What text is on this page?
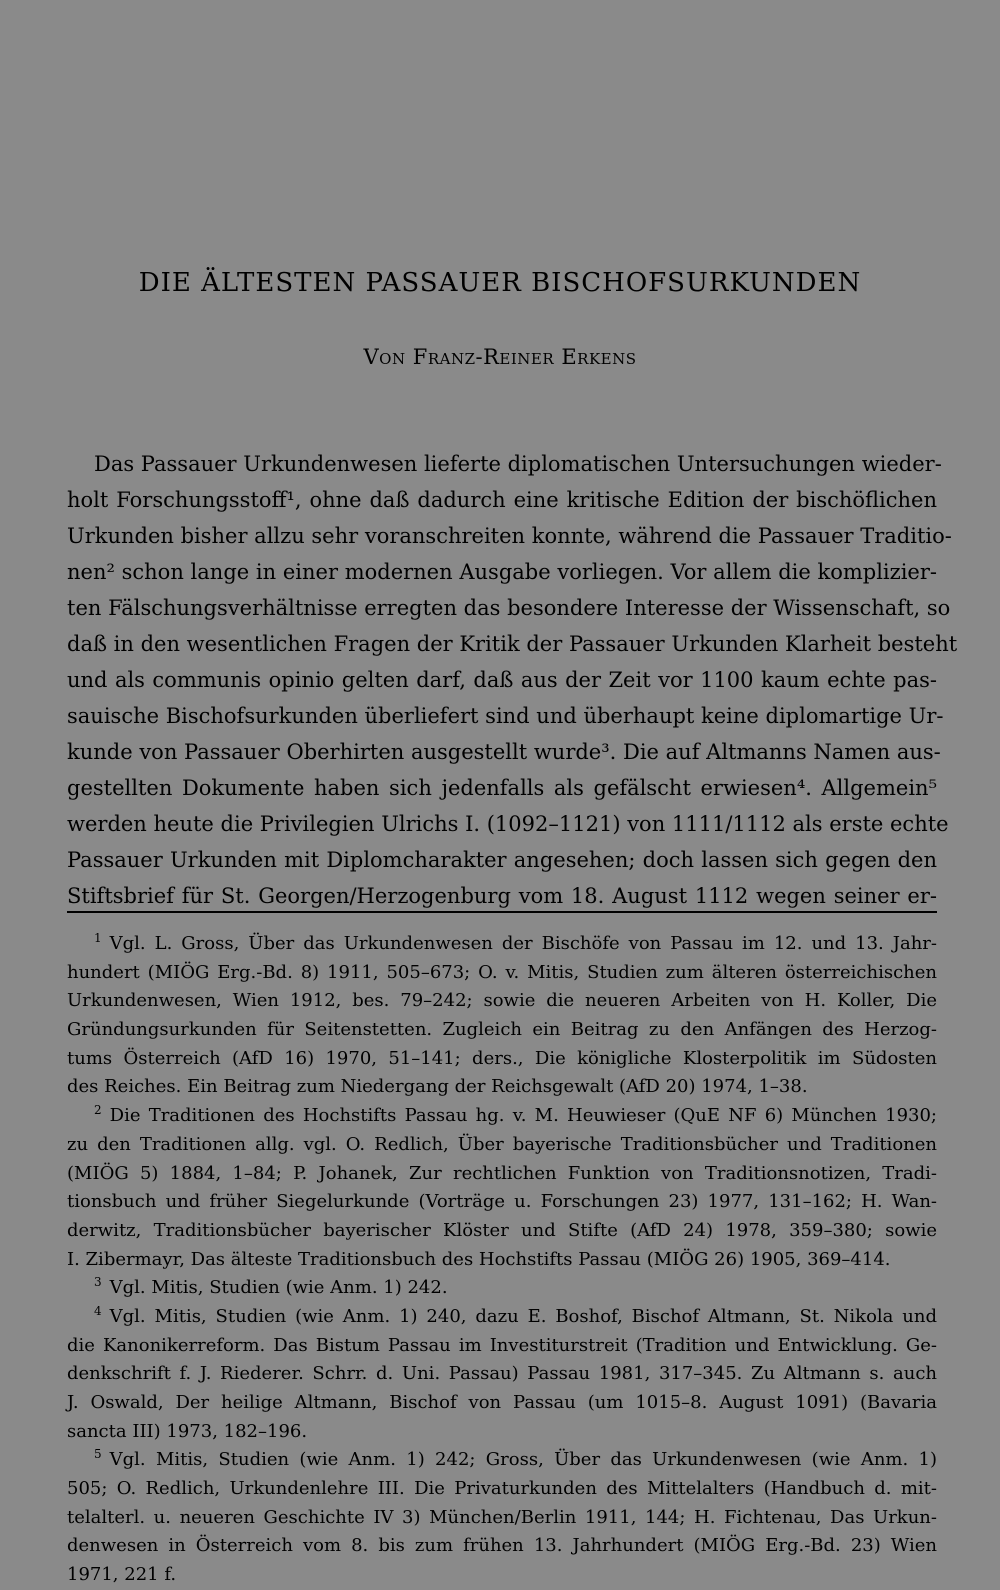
DIE ÄLTESTEN PASSAUER BISCHOFSURKUNDEN
Von Franz-Reiner Erkens
Das Passauer Urkundenwesen lieferte diplomatischen Untersuchungen wieder-
holt Forschungsstoff¹, ohne daß dadurch eine kritische Edition der bischöflichen
Urkunden bisher allzu sehr voranschreiten konnte, während die Passauer Traditio-
nen² schon lange in einer modernen Ausgabe vorliegen. Vor allem die komplizier-
ten Fälschungsverhältnisse erregten das besondere Interesse der Wissenschaft, so
daß in den wesentlichen Fragen der Kritik der Passauer Urkunden Klarheit besteht
und als communis opinio gelten darf, daß aus der Zeit vor 1100 kaum echte pas-
sauische Bischofsurkunden überliefert sind und überhaupt keine diplomartige Ur-
kunde von Passauer Oberhirten ausgestellt wurde³. Die auf Altmanns Namen aus-
gestellten Dokumente haben sich jedenfalls als gefälscht erwiesen⁴. Allgemein⁵
werden heute die Privilegien Ulrichs I. (1092–1121) von 1111/1112 als erste echte
Passauer Urkunden mit Diplomcharakter angesehen; doch lassen sich gegen den
Stiftsbrief für St. Georgen/Herzogenburg vom 18. August 1112 wegen seiner er-
$^1$ Vgl. L. Gross, Über das Urkundenwesen der Bischöfe von Passau im 12. und 13. Jahr-
hundert (MIÖG Erg.-Bd. 8) 1911, 505–673; O. v. Mitis, Studien zum älteren österreichischen
Urkundenwesen, Wien 1912, bes. 79–242; sowie die neueren Arbeiten von H. Koller, Die
Gründungsurkunden für Seitenstetten. Zugleich ein Beitrag zu den Anfängen des Herzog-
tums Österreich (AfD 16) 1970, 51–141; ders., Die königliche Klosterpolitik im Südosten
des Reiches. Ein Beitrag zum Niedergang der Reichsgewalt (AfD 20) 1974, 1–38.
$^2$ Die Traditionen des Hochstifts Passau hg. v. M. Heuwieser (QuE NF 6) München 1930;
zu den Traditionen allg. vgl. O. Redlich, Über bayerische Traditionsbücher und Traditionen
(MIÖG 5) 1884, 1–84; P. Johanek, Zur rechtlichen Funktion von Traditionsnotizen, Tradi-
tionsbuch und früher Siegelurkunde (Vorträge u. Forschungen 23) 1977, 131–162; H. Wan-
derwitz, Traditionsbücher bayerischer Klöster und Stifte (AfD 24) 1978, 359–380; sowie
I. Zibermayr, Das älteste Traditionsbuch des Hochstifts Passau (MIÖG 26) 1905, 369–414.
$^3$ Vgl. Mitis, Studien (wie Anm. 1) 242.
$^4$ Vgl. Mitis, Studien (wie Anm. 1) 240, dazu E. Boshof, Bischof Altmann, St. Nikola und
die Kanonikerreform. Das Bistum Passau im Investiturstreit (Tradition und Entwicklung. Ge-
denkschrift f. J. Riederer. Schrr. d. Uni. Passau) Passau 1981, 317–345. Zu Altmann s. auch
J. Oswald, Der heilige Altmann, Bischof von Passau (um 1015–8. August 1091) (Bavaria
sancta III) 1973, 182–196.
$^5$ Vgl. Mitis, Studien (wie Anm. 1) 242; Gross, Über das Urkundenwesen (wie Anm. 1)
505; O. Redlich, Urkundenlehre III. Die Privaturkunden des Mittelalters (Handbuch d. mit-
telalterl. u. neueren Geschichte IV 3) München/Berlin 1911, 144; H. Fichtenau, Das Urkun-
denwesen in Österreich vom 8. bis zum frühen 13. Jahrhundert (MIÖG Erg.-Bd. 23) Wien
1971, 221 f.
